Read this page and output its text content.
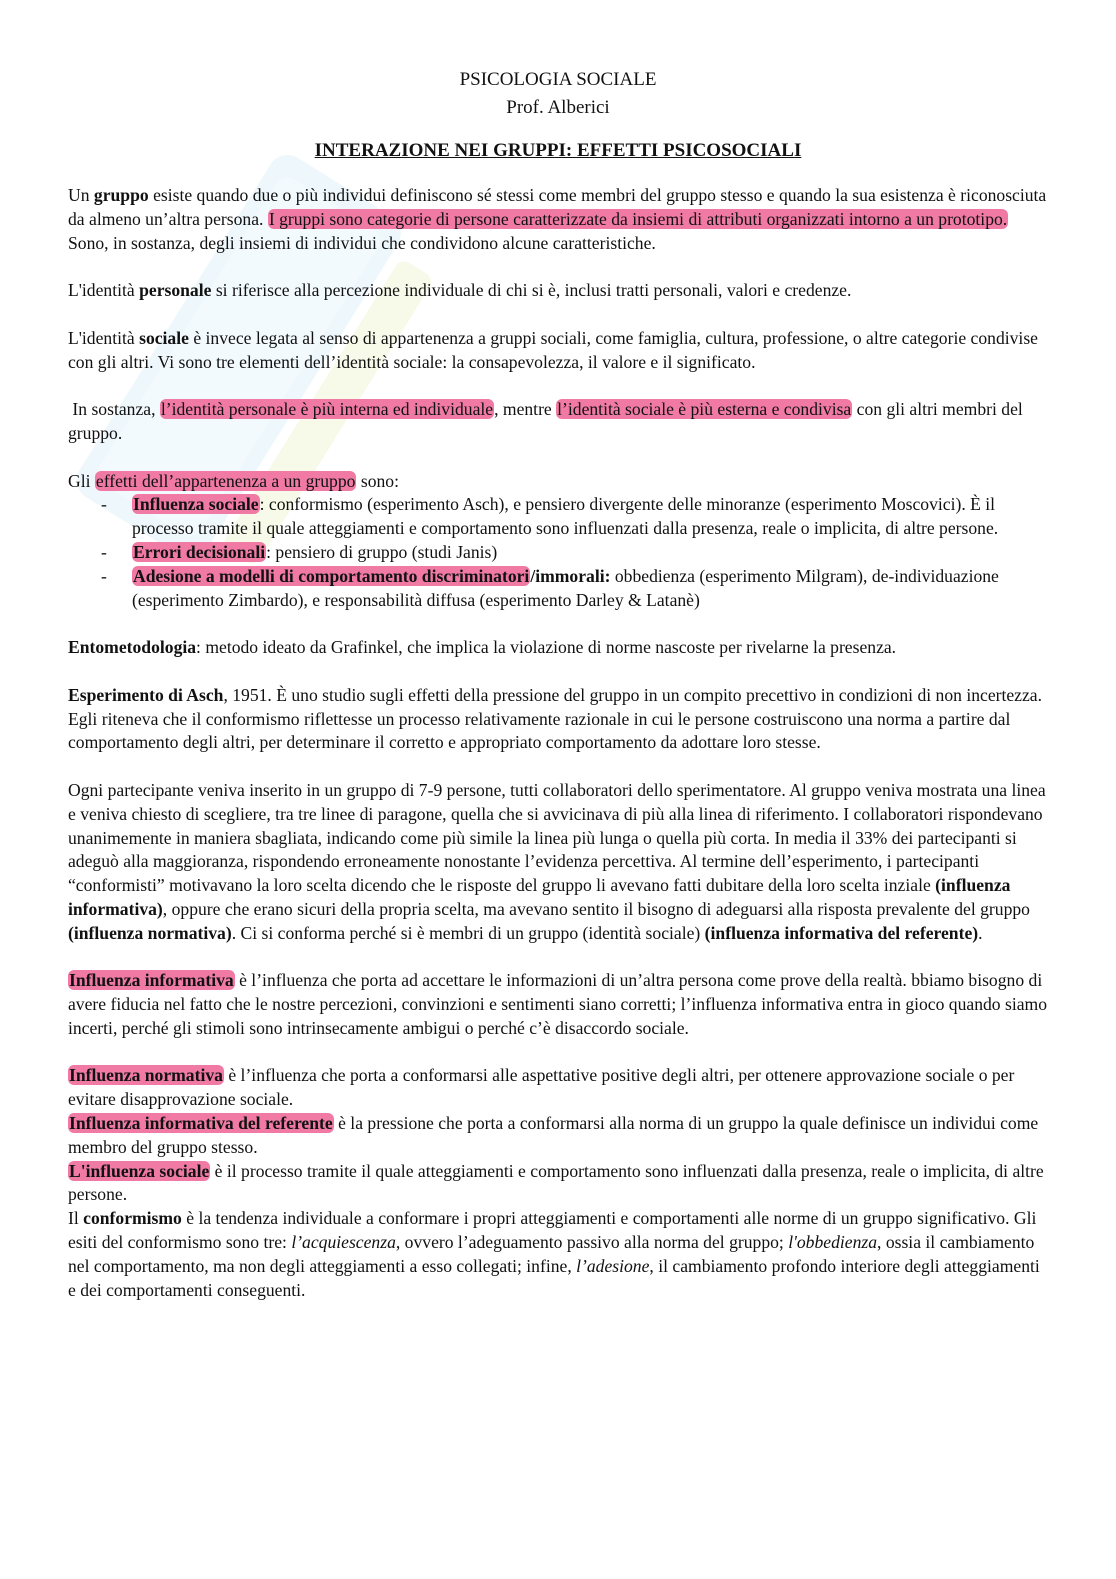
PSICOLOGIA SOCIALE

Prof. Alberici

INTERAZIONE NEI GRUPPI: EFFETTI PSICOSOCIALI

Un gruppo esiste quando due o più individui definiscono sé stessi come membri del gruppo stesso e quando la sua esistenza è riconosciuta da almeno un’altra persona. I gruppi sono categorie di persone caratterizzate da insiemi di attributi organizzati intorno a un prototipo. Sono, in sostanza, degli insiemi di individui che condividono alcune caratteristiche.

L'identità personale si riferisce alla percezione individuale di chi si è, inclusi tratti personali, valori e credenze.

L'identità sociale è invece legata al senso di appartenenza a gruppi sociali, come famiglia, cultura, professione, o altre categorie condivise con gli altri. Vi sono tre elementi dell’identità sociale: la consapevolezza, il valore e il significato.

In sostanza, l’identità personale è più interna ed individuale, mentre l’identità sociale è più esterna e condivisa con gli altri membri del gruppo.

Gli effetti dell’appartenenza a un gruppo sono:

- Influenza sociale: conformismo (esperimento Asch), e pensiero divergente delle minoranze (esperimento Moscovici). È il processo tramite il quale atteggiamenti e comportamento sono influenzati dalla presenza, reale o implicita, di altre persone.
- Errori decisionali: pensiero di gruppo (studi Janis)
- Adesione a modelli di comportamento discriminatori/immorali: obbedienza (esperimento Milgram), de-individuazione (esperimento Zimbardo), e responsabilità diffusa (esperimento Darley & Latanè)

Entometodologia: metodo ideato da Grafinkel, che implica la violazione di norme nascoste per rivelarne la presenza.

Esperimento di Asch, 1951. È uno studio sugli effetti della pressione del gruppo in un compito precettivo in condizioni di non incertezza. Egli riteneva che il conformismo riflettesse un processo relativamente razionale in cui le persone costruiscono una norma a partire dal comportamento degli altri, per determinare il corretto e appropriato comportamento da adottare loro stesse.

Ogni partecipante veniva inserito in un gruppo di 7-9 persone, tutti collaboratori dello sperimentatore. Al gruppo veniva mostrata una linea e veniva chiesto di scegliere, tra tre linee di paragone, quella che si avvicinava di più alla linea di riferimento. I collaboratori rispondevano unanimemente in maniera sbagliata, indicando come più simile la linea più lunga o quella più corta. In media il 33% dei partecipanti si adeguò alla maggioranza, rispondendo erroneamente nonostante l’evidenza percettiva. Al termine dell’esperimento, i partecipanti “conformisti” motivavano la loro scelta dicendo che le risposte del gruppo li avevano fatti dubitare della loro scelta inziale (influenza informativa), oppure che erano sicuri della propria scelta, ma avevano sentito il bisogno di adeguarsi alla risposta prevalente del gruppo (influenza normativa). Ci si conforma perché si è membri di un gruppo (identità sociale) (influenza informativa del referente).

Influenza informativa è l’influenza che porta ad accettare le informazioni di un’altra persona come prove della realtà. bbiamo bisogno di avere fiducia nel fatto che le nostre percezioni, convinzioni e sentimenti siano corretti; l’influenza informativa entra in gioco quando siamo incerti, perché gli stimoli sono intrinsecamente ambigui o perché c’è disaccordo sociale.

Influenza normativa è l’influenza che porta a conformarsi alle aspettative positive degli altri, per ottenere approvazione sociale o per evitare disapprovazione sociale.

Influenza informativa del referente è la pressione che porta a conformarsi alla norma di un gruppo la quale definisce un individui come membro del gruppo stesso.

L'influenza sociale è il processo tramite il quale atteggiamenti e comportamento sono influenzati dalla presenza, reale o implicita, di altre persone.

Il conformismo è la tendenza individuale a conformare i propri atteggiamenti e comportamenti alle norme di un gruppo significativo. Gli esiti del conformismo sono tre: l’acquiescenza, ovvero l’adeguamento passivo alla norma del gruppo; l'obbedienza, ossia il cambiamento nel comportamento, ma non degli atteggiamenti a esso collegati; infine, l’adesione, il cambiamento profondo interiore degli atteggiamenti e dei comportamenti conseguenti.
